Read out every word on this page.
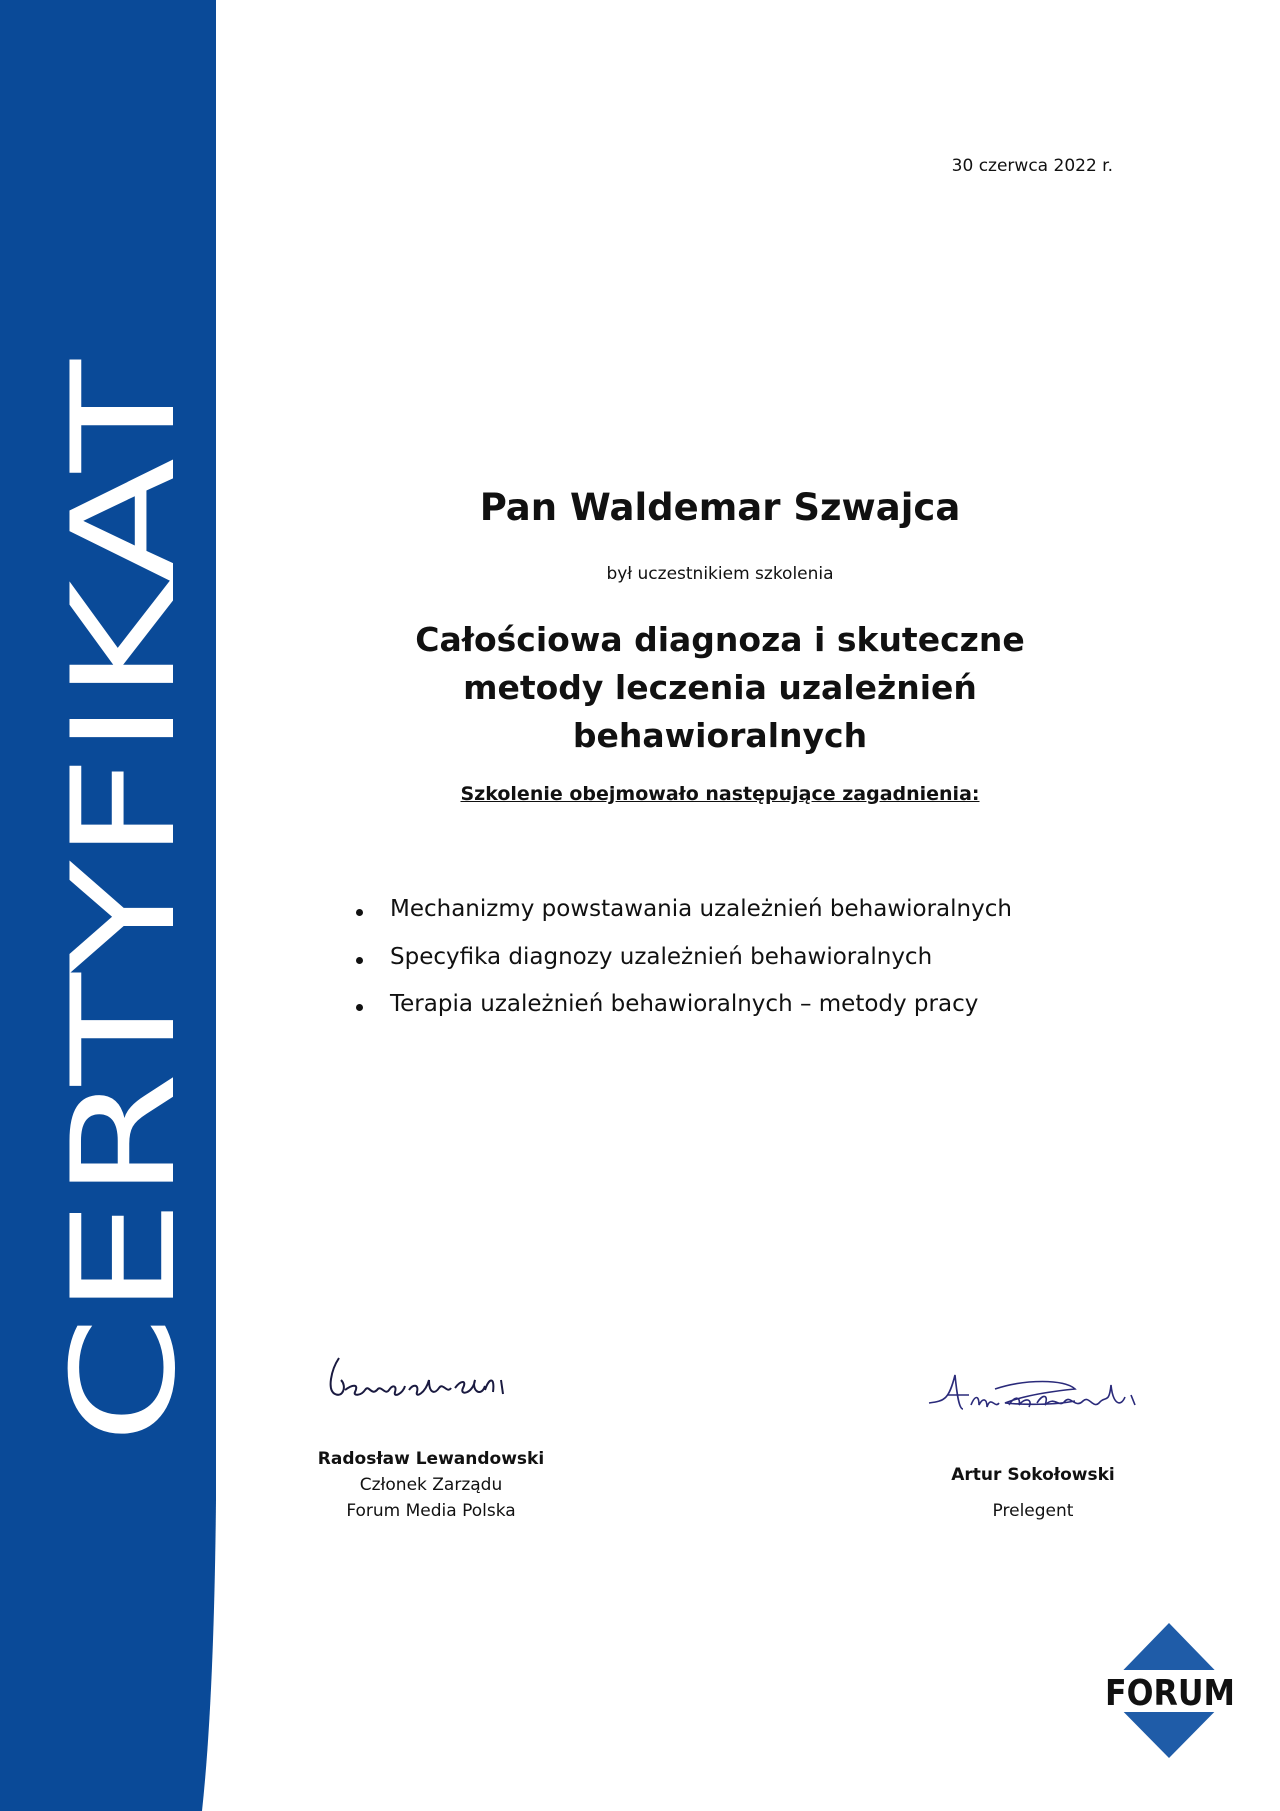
CERTYFIKAT
30 czerwca 2022 r.
Pan Waldemar Szwajca
był uczestnikiem szkolenia
Całościowa diagnoza i skuteczne
metody leczenia uzależnień
behawioralnych
Szkolenie obejmowało następujące zagadnienia:
Mechanizmy powstawania uzależnień behawioralnych
Specyfika diagnozy uzależnień behawioralnych
Terapia uzależnień behawioralnych – metody pracy
Radosław Lewandowski
Członek Zarządu
Forum Media Polska
Artur Sokołowski
Prelegent
FORUM
